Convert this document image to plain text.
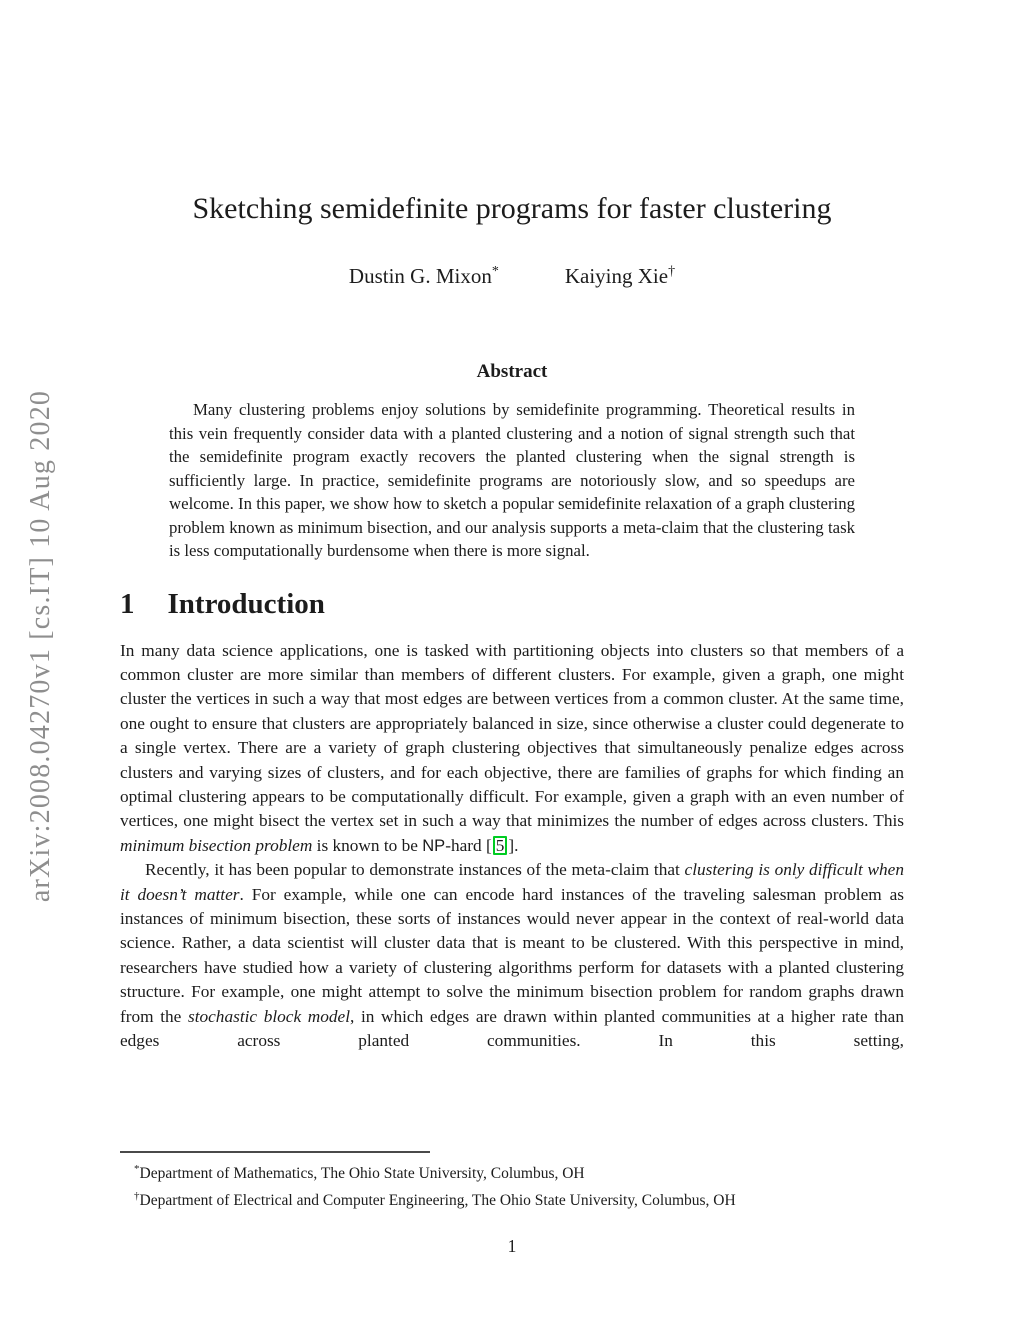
arXiv:2008.04270v1 [cs.IT] 10 Aug 2020
Sketching semidefinite programs for faster clustering
Dustin G. Mixon*	Kaiying Xie†
Abstract

Many clustering problems enjoy solutions by semidefinite programming. Theoretical results in this vein frequently consider data with a planted clustering and a notion of signal strength such that the semidefinite program exactly recovers the planted clustering when the signal strength is sufficiently large. In practice, semidefinite programs are notoriously slow, and so speedups are welcome. In this paper, we show how to sketch a popular semidefinite relaxation of a graph clustering problem known as minimum bisection, and our analysis supports a meta-claim that the clustering task is less computationally burdensome when there is more signal.

1 Introduction

In many data science applications, one is tasked with partitioning objects into clusters so that members of a common cluster are more similar than members of different clusters. For example, given a graph, one might cluster the vertices in such a way that most edges are between vertices from a common cluster. At the same time, one ought to ensure that clusters are appropriately balanced in size, since otherwise a cluster could degenerate to a single vertex. There are a variety of graph clustering objectives that simultaneously penalize edges across clusters and varying sizes of clusters, and for each objective, there are families of graphs for which finding an optimal clustering appears to be computationally difficult. For example, given a graph with an even number of vertices, one might bisect the vertex set in such a way that minimizes the number of edges across clusters. This minimum bisection problem is known to be NP-hard [ 5 ].

Recently, it has been popular to demonstrate instances of the meta-claim that clustering is only difficult when it doesn’t matter. For example, while one can encode hard instances of the traveling salesman problem as instances of minimum bisection, these sorts of instances would never appear in the context of real-world data science. Rather, a data scientist will cluster data that is meant to be clustered. With this perspective in mind, researchers have studied how a variety of clustering algorithms perform for datasets with a planted clustering structure. For example, one might attempt to solve the minimum bisection problem for random graphs drawn from the stochastic block model, in which edges are drawn within planted communities at a higher rate than edges across planted communities. In this setting,

*Department of Mathematics, The Ohio State University, Columbus, OH

†Department of Electrical and Computer Engineering, The Ohio State University, Columbus, OH

1
